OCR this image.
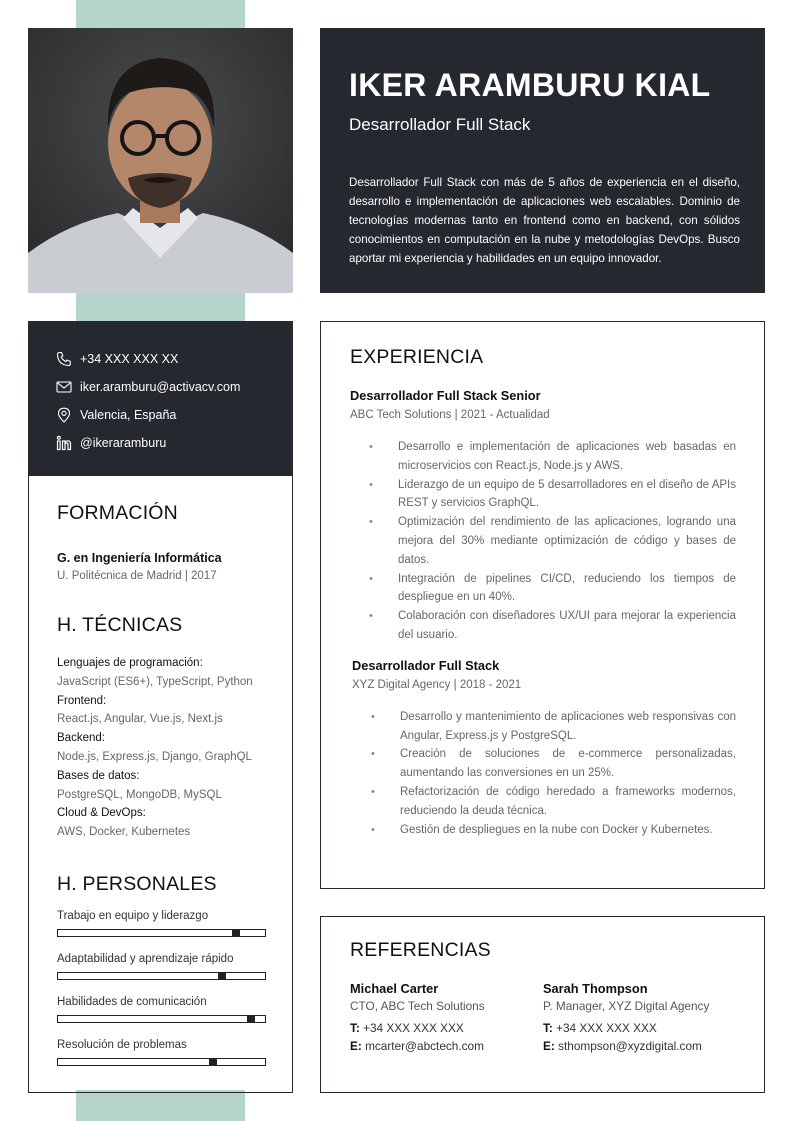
IKER ARAMBURU KIAL
Desarrollador Full Stack
Desarrollador Full Stack con más de 5 años de experiencia en el diseño, desarrollo e implementación de aplicaciones web escalables. Dominio de tecnologías modernas tanto en frontend como en backend, con sólidos conocimientos en computación en la nube y metodologías DevOps. Busco aportar mi experiencia y habilidades en un equipo innovador.
+34 XXX XXX XX
iker.aramburu@activacv.com
Valencia, España
@ikeraramburu
FORMACIÓN
G. en Ingeniería Informática
U. Politécnica de Madrid | 2017
H. TÉCNICAS
Lenguajes de programación:
JavaScript (ES6+), TypeScript, Python
Frontend:
React.js, Angular, Vue.js, Next.js
Backend:
Node.js, Express.js, Django, GraphQL
Bases de datos:
PostgreSQL, MongoDB, MySQL
Cloud & DevOps:
AWS, Docker, Kubernetes
H. PERSONALES
Trabajo en equipo y liderazgo
Adaptabilidad y aprendizaje rápido
Habilidades de comunicación
Resolución de problemas
EXPERIENCIA
Desarrollador Full Stack Senior
ABC Tech Solutions | 2021 - Actualidad
• Desarrollo e implementación de aplicaciones web basadas en microservicios con React.js, Node.js y AWS.
• Liderazgo de un equipo de 5 desarrolladores en el diseño de APIs REST y servicios GraphQL.
• Optimización del rendimiento de las aplicaciones, logrando una mejora del 30% mediante optimización de código y bases de datos.
• Integración de pipelines CI/CD, reduciendo los tiempos de despliegue en un 40%.
• Colaboración con diseñadores UX/UI para mejorar la experiencia del usuario.
Desarrollador Full Stack
XYZ Digital Agency | 2018 - 2021
• Desarrollo y mantenimiento de aplicaciones web responsivas con Angular, Express.js y PostgreSQL.
• Creación de soluciones de e-commerce personalizadas, aumentando las conversiones en un 25%.
• Refactorización de código heredado a frameworks modernos, reduciendo la deuda técnica.
• Gestión de despliegues en la nube con Docker y Kubernetes.
REFERENCIAS
Michael Carter
CTO, ABC Tech Solutions
T: +34 XXX XXX XXX
E: mcarter@abctech.com
Sarah Thompson
P. Manager, XYZ Digital Agency
T: +34 XXX XXX XXX
E: sthompson@xyzdigital.com
